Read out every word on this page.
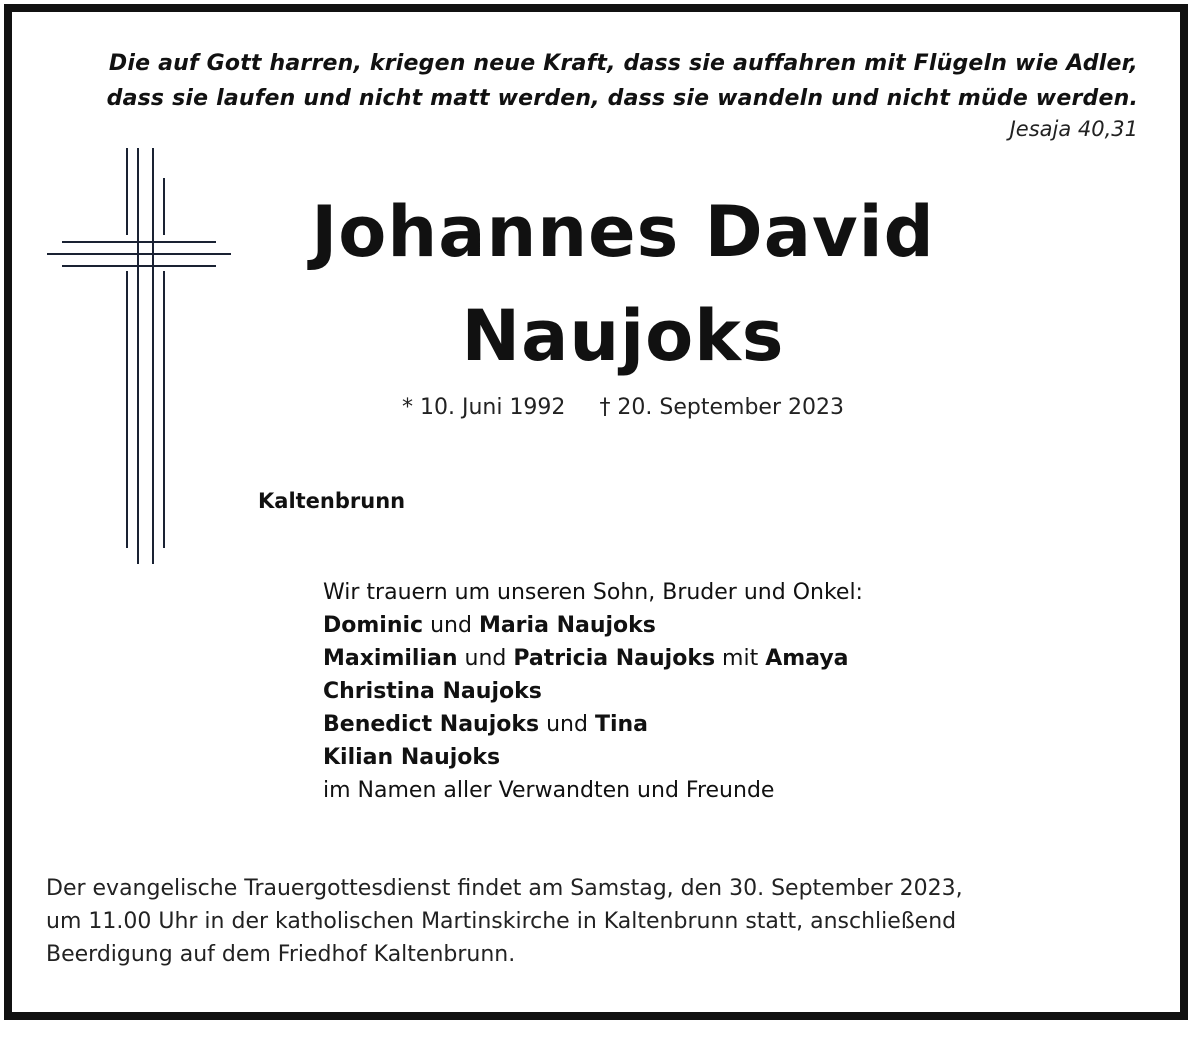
Die auf Gott harren, kriegen neue Kraft, dass sie auffahren mit Flügeln wie Adler,
dass sie laufen und nicht matt werden, dass sie wandeln und nicht müde werden.
Jesaja 40,31
Johannes David
Naujoks
* 10. Juni 1992 † 20. September 2023
Kaltenbrunn
Wir trauern um unseren Sohn, Bruder und Onkel:
Dominic und Maria Naujoks
Maximilian und Patricia Naujoks mit Amaya
Christina Naujoks
Benedict Naujoks und Tina
Kilian Naujoks
im Namen aller Verwandten und Freunde
Der evangelische Trauergottesdienst findet am Samstag, den 30. September 2023,
um 11.00 Uhr in der katholischen Martinskirche in Kaltenbrunn statt, anschließend
Beerdigung auf dem Friedhof Kaltenbrunn.
